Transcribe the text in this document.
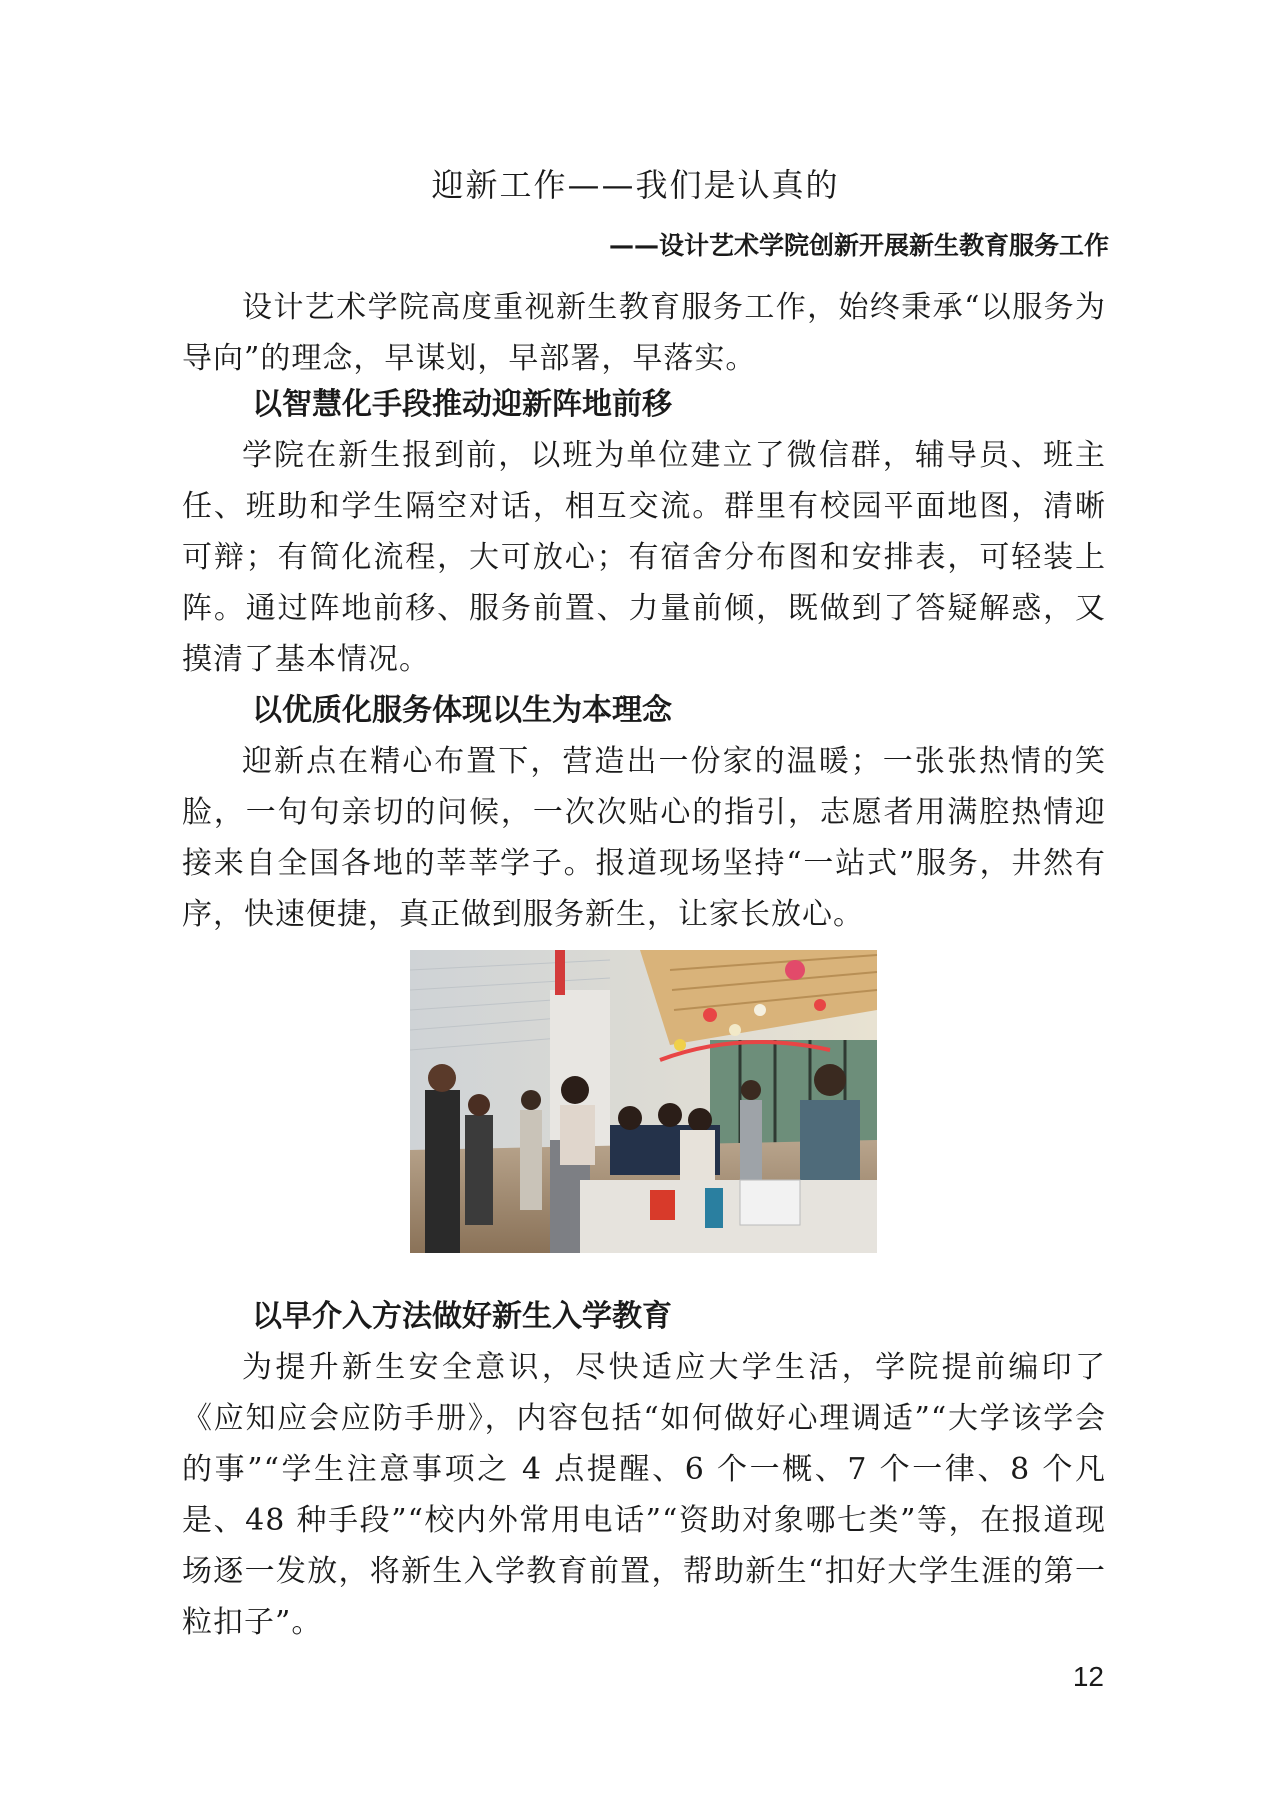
迎新工作——我们是认真的
——设计艺术学院创新开展新生教育服务工作

设计艺术学院高度重视新生教育服务工作，始终秉承“以服务为导向”的理念，早谋划，早部署，早落实。

以智慧化手段推动迎新阵地前移

学院在新生报到前，以班为单位建立了微信群，辅导员、班主任、班助和学生隔空对话，相互交流。群里有校园平面地图，清晰可辩；有简化流程，大可放心；有宿舍分布图和安排表，可轻装上阵。通过阵地前移、服务前置、力量前倾，既做到了答疑解惑，又摸清了基本情况。

以优质化服务体现以生为本理念

迎新点在精心布置下，营造出一份家的温暖；一张张热情的笑脸，一句句亲切的问候，一次次贴心的指引，志愿者用满腔热情迎接来自全国各地的莘莘学子。报道现场坚持“一站式”服务，井然有序，快速便捷，真正做到服务新生，让家长放心。

以早介入方法做好新生入学教育

为提升新生安全意识，尽快适应大学生活，学院提前编印了《应知应会应防手册》，内容包括“如何做好心理调适”“大学该学会的事”“学生注意事项之 4 点提醒、6 个一概、7 个一律、8 个凡是、48 种手段”“校内外常用电话”“资助对象哪七类”等，在报道现场逐一发放，将新生入学教育前置，帮助新生“扣好大学生涯的第一粒扣子”。

12
